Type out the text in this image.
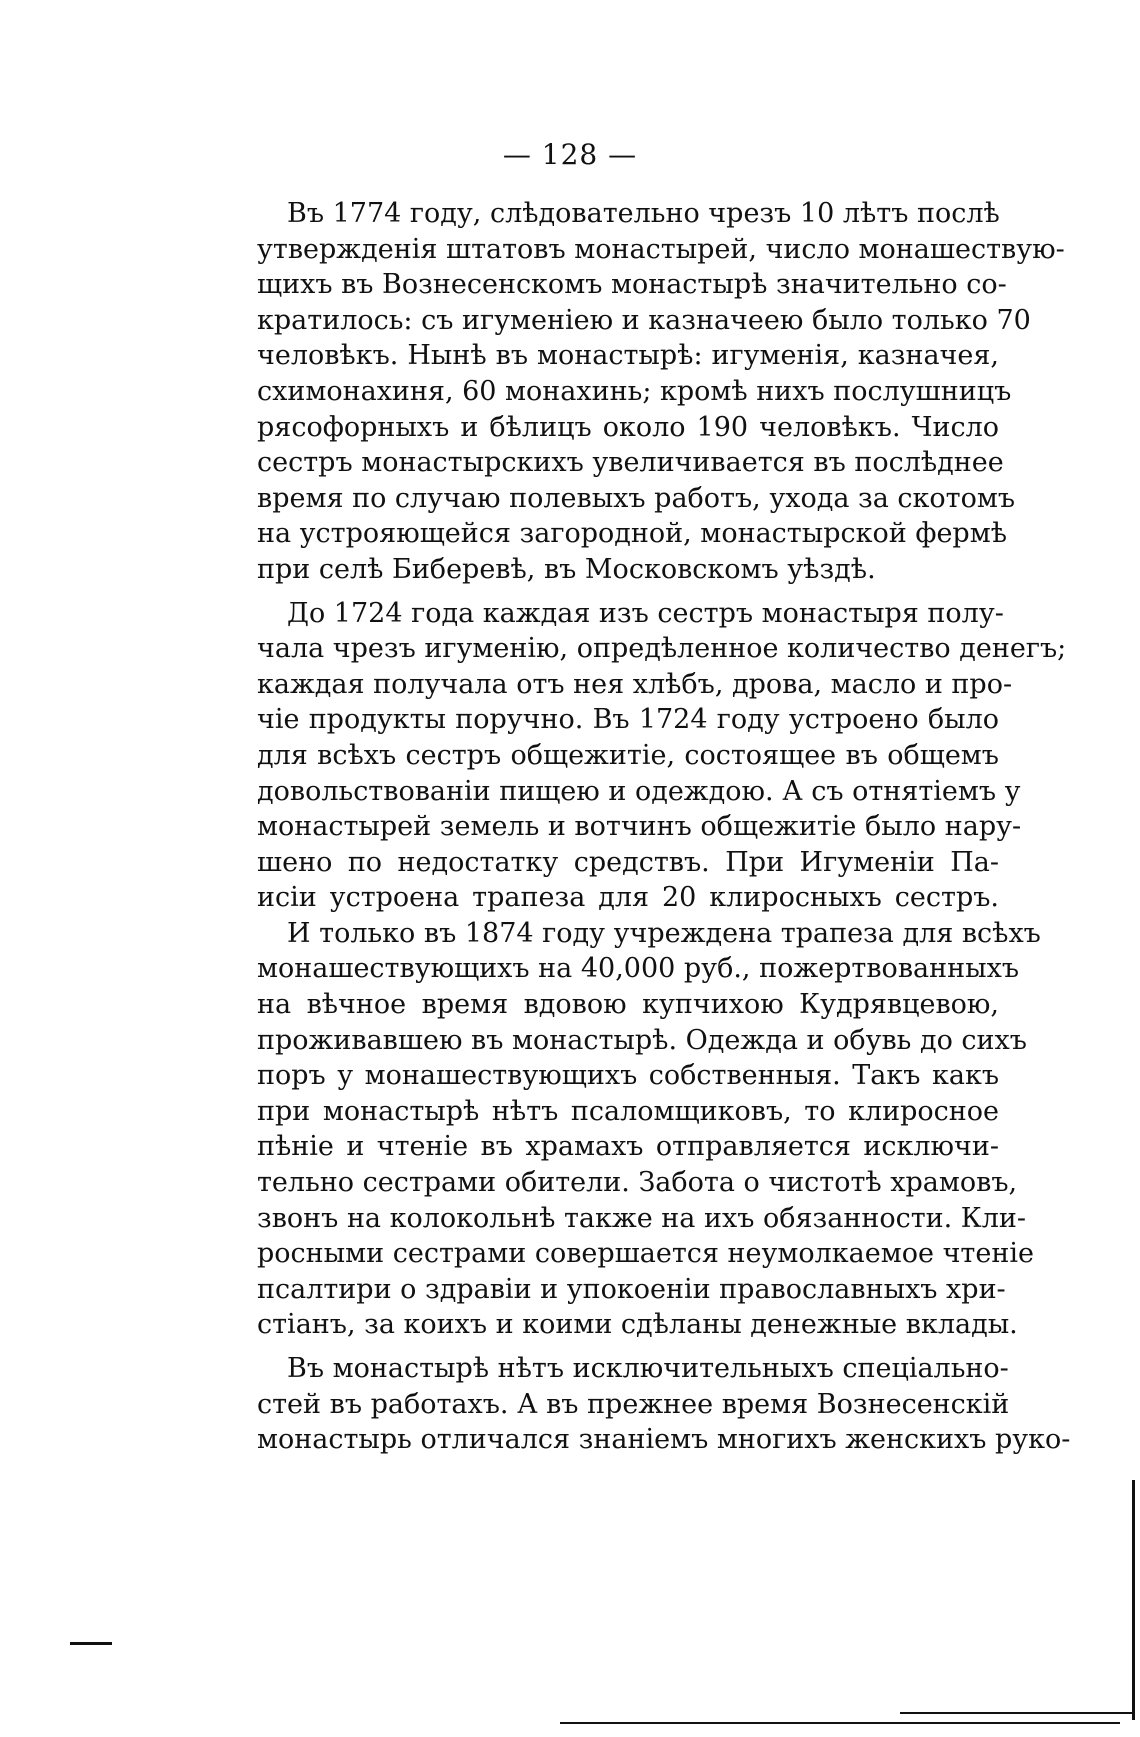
— 128 —
Въ 1774 году, слѣдовательно чрезъ 10 лѣтъ послѣ
утвержденія штатовъ монастырей, число монашествую-
щихъ въ Вознесенскомъ монастырѣ значительно со-
кратилось: съ игуменіею и казначеею было только 70
человѣкъ. Нынѣ въ монастырѣ: игуменія, казначея,
схимонахиня, 60 монахинь; кромѣ нихъ послушницъ
рясофорныхъ и бѣлицъ около 190 человѣкъ. Число
сестръ монастырскихъ увеличивается въ послѣднее
время по случаю полевыхъ работъ, ухода за скотомъ
на устрояющейся загородной, монастырской фермѣ
при селѣ Биберевѣ, въ Московскомъ уѣздѣ.
До 1724 года каждая изъ сестръ монастыря полу-
чала чрезъ игуменію, опредѣленное количество денегъ;
каждая получала отъ нея хлѣбъ, дрова, масло и про-
чіе продукты поручно. Въ 1724 году устроено было
для всѣхъ сестръ общежитіе, состоящее въ общемъ
довольствованіи пищею и одеждою. А съ отнятіемъ у
монастырей земель и вотчинъ общежитіе было нару-
шено по недостатку средствъ. При Игуменіи Па-
исіи устроена трапеза для 20 клиросныхъ сестръ.
И только въ 1874 году учреждена трапеза для всѣхъ
монашествующихъ на 40,000 руб., пожертвованныхъ
на вѣчное время вдовою купчихою Кудрявцевою,
проживавшею въ монастырѣ. Одежда и обувь до сихъ
поръ у монашествующихъ собственныя. Такъ какъ
при монастырѣ нѣтъ псаломщиковъ, то клиросное
пѣніе и чтеніе въ храмахъ отправляется исключи-
тельно сестрами обители. Забота о чистотѣ храмовъ,
звонъ на колокольнѣ также на ихъ обязанности. Кли-
росными сестрами совершается неумолкаемое чтеніе
псалтири о здравіи и упокоеніи православныхъ хри-
стіанъ, за коихъ и коими сдѣланы денежные вклады.
Въ монастырѣ нѣтъ исключительныхъ спеціально-
стей въ работахъ. А въ прежнее время Вознесенскій
монастырь отличался знаніемъ многихъ женскихъ руко-
